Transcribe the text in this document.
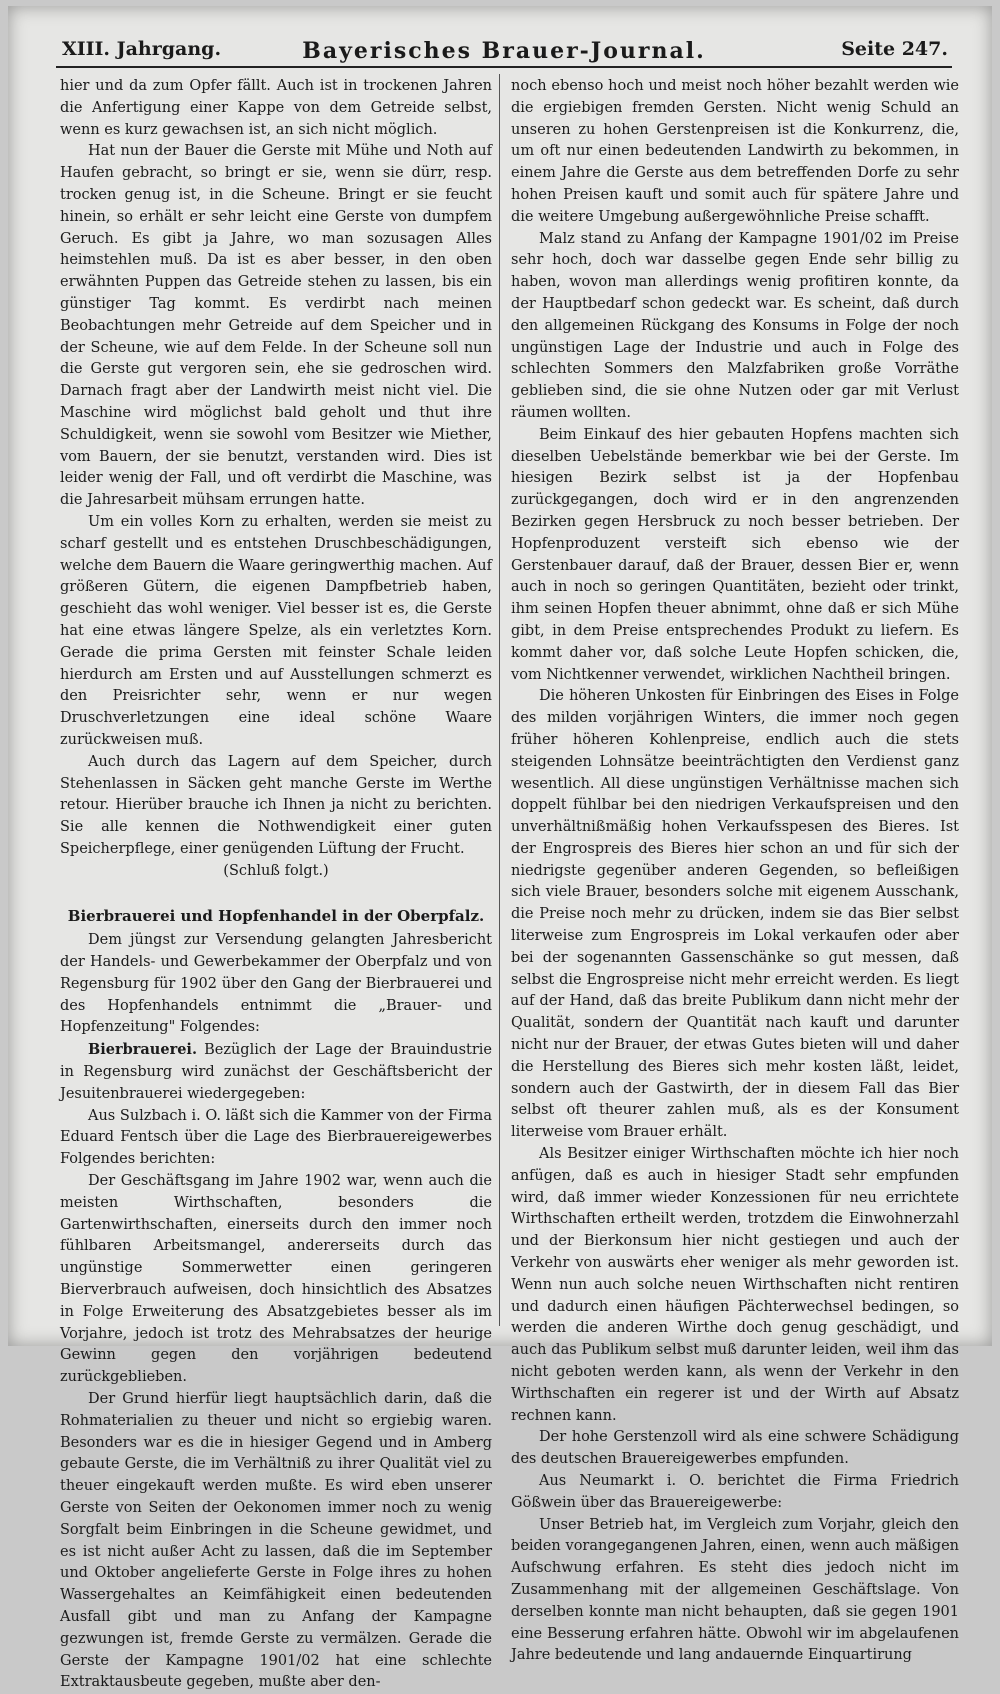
XIII. Jahrgang.	Bayerisches Brauer-Journal.	Seite 247.

hier und da zum Opfer fällt. Auch ist in trockenen Jahren die Anfertigung einer Kappe von dem Getreide selbst, wenn es kurz gewachsen ist, an sich nicht möglich.

Hat nun der Bauer die Gerste mit Mühe und Noth auf Haufen gebracht, so bringt er sie, wenn sie dürr, resp. trocken genug ist, in die Scheune. Bringt er sie feucht hinein, so erhält er sehr leicht eine Gerste von dumpfem Geruch. Es gibt ja Jahre, wo man sozusagen Alles heimstehlen muß. Da ist es aber besser, in den oben erwähnten Puppen das Getreide stehen zu lassen, bis ein günstiger Tag kommt. Es verdirbt nach meinen Beobachtungen mehr Getreide auf dem Speicher und in der Scheune, wie auf dem Felde. In der Scheune soll nun die Gerste gut vergoren sein, ehe sie gedroschen wird. Darnach fragt aber der Landwirth meist nicht viel. Die Maschine wird möglichst bald geholt und thut ihre Schuldigkeit, wenn sie sowohl vom Besitzer wie Miether, vom Bauern, der sie benutzt, verstanden wird. Dies ist leider wenig der Fall, und oft verdirbt die Maschine, was die Jahresarbeit mühsam errungen hatte.

Um ein volles Korn zu erhalten, werden sie meist zu scharf gestellt und es entstehen Druschbeschädigungen, welche dem Bauern die Waare geringwerthig machen. Auf größeren Gütern, die eigenen Dampfbetrieb haben, geschieht das wohl weniger. Viel besser ist es, die Gerste hat eine etwas längere Spelze, als ein verletztes Korn. Gerade die prima Gersten mit feinster Schale leiden hierdurch am Ersten und auf Ausstellungen schmerzt es den Preisrichter sehr, wenn er nur wegen Druschverletzungen eine ideal schöne Waare zurückweisen muß.

Auch durch das Lagern auf dem Speicher, durch Stehenlassen in Säcken geht manche Gerste im Werthe retour. Hierüber brauche ich Ihnen ja nicht zu berichten. Sie alle kennen die Nothwendigkeit einer guten Speicherpflege, einer genügenden Lüftung der Frucht.

(Schluß folgt.)

Bierbrauerei und Hopfenhandel in der Oberpfalz.

Dem jüngst zur Versendung gelangten Jahresbericht der Handels- und Gewerbekammer der Oberpfalz und von Regensburg für 1902 über den Gang der Bierbrauerei und des Hopfenhandels entnimmt die „Brauer- und Hopfenzeitung" Folgendes:

Bierbrauerei. Bezüglich der Lage der Brauindustrie in Regensburg wird zunächst der Geschäftsbericht der Jesuitenbrauerei wiedergegeben:

Aus Sulzbach i. O. läßt sich die Kammer von der Firma Eduard Fentsch über die Lage des Bierbrauereigewerbes Folgendes berichten:

Der Geschäftsgang im Jahre 1902 war, wenn auch die meisten Wirthschaften, besonders die Gartenwirthschaften, einerseits durch den immer noch fühlbaren Arbeitsmangel, andererseits durch das ungünstige Sommerwetter einen geringeren Bierverbrauch aufweisen, doch hinsichtlich des Absatzes in Folge Erweiterung des Absatzgebietes besser als im Vorjahre, jedoch ist trotz des Mehrabsatzes der heurige Gewinn gegen den vorjährigen bedeutend zurückgeblieben.

Der Grund hierfür liegt hauptsächlich darin, daß die Rohmaterialien zu theuer und nicht so ergiebig waren. Besonders war es die in hiesiger Gegend und in Amberg gebaute Gerste, die im Verhältniß zu ihrer Qualität viel zu theuer eingekauft werden mußte. Es wird eben unserer Gerste von Seiten der Oekonomen immer noch zu wenig Sorgfalt beim Einbringen in die Scheune gewidmet, und es ist nicht außer Acht zu lassen, daß die im September und Oktober angelieferte Gerste in Folge ihres zu hohen Wassergehaltes an Keimfähigkeit einen bedeutenden Ausfall gibt und man zu Anfang der Kampagne gezwungen ist, fremde Gerste zu vermälzen. Gerade die Gerste der Kampagne 1901/02 hat eine schlechte Extraktausbeute gegeben, mußte aber den-

noch ebenso hoch und meist noch höher bezahlt werden wie die ergiebigen fremden Gersten. Nicht wenig Schuld an unseren zu hohen Gerstenpreisen ist die Konkurrenz, die, um oft nur einen bedeutenden Landwirth zu bekommen, in einem Jahre die Gerste aus dem betreffenden Dorfe zu sehr hohen Preisen kauft und somit auch für spätere Jahre und die weitere Umgebung außergewöhnliche Preise schafft.

Malz stand zu Anfang der Kampagne 1901/02 im Preise sehr hoch, doch war dasselbe gegen Ende sehr billig zu haben, wovon man allerdings wenig profitiren konnte, da der Hauptbedarf schon gedeckt war. Es scheint, daß durch den allgemeinen Rückgang des Konsums in Folge der noch ungünstigen Lage der Industrie und auch in Folge des schlechten Sommers den Malzfabriken große Vorräthe geblieben sind, die sie ohne Nutzen oder gar mit Verlust räumen wollten.

Beim Einkauf des hier gebauten Hopfens machten sich dieselben Uebelstände bemerkbar wie bei der Gerste. Im hiesigen Bezirk selbst ist ja der Hopfenbau zurückgegangen, doch wird er in den angrenzenden Bezirken gegen Hersbruck zu noch besser betrieben. Der Hopfenproduzent versteift sich ebenso wie der Gerstenbauer darauf, daß der Brauer, dessen Bier er, wenn auch in noch so geringen Quantitäten, bezieht oder trinkt, ihm seinen Hopfen theuer abnimmt, ohne daß er sich Mühe gibt, in dem Preise entsprechendes Produkt zu liefern. Es kommt daher vor, daß solche Leute Hopfen schicken, die, vom Nichtkenner verwendet, wirklichen Nachtheil bringen.

Die höheren Unkosten für Einbringen des Eises in Folge des milden vorjährigen Winters, die immer noch gegen früher höheren Kohlenpreise, endlich auch die stets steigenden Lohnsätze beeinträchtigten den Verdienst ganz wesentlich. All diese ungünstigen Verhältnisse machen sich doppelt fühlbar bei den niedrigen Verkaufspreisen und den unverhältnißmäßig hohen Verkaufsspesen des Bieres. Ist der Engrospreis des Bieres hier schon an und für sich der niedrigste gegenüber anderen Gegenden, so befleißigen sich viele Brauer, besonders solche mit eigenem Ausschank, die Preise noch mehr zu drücken, indem sie das Bier selbst literweise zum Engrospreis im Lokal verkaufen oder aber bei der sogenannten Gassenschänke so gut messen, daß selbst die Engrospreise nicht mehr erreicht werden. Es liegt auf der Hand, daß das breite Publikum dann nicht mehr der Qualität, sondern der Quantität nach kauft und darunter nicht nur der Brauer, der etwas Gutes bieten will und daher die Herstellung des Bieres sich mehr kosten läßt, leidet, sondern auch der Gastwirth, der in diesem Fall das Bier selbst oft theurer zahlen muß, als es der Konsument literweise vom Brauer erhält.

Als Besitzer einiger Wirthschaften möchte ich hier noch anfügen, daß es auch in hiesiger Stadt sehr empfunden wird, daß immer wieder Konzessionen für neu errichtete Wirthschaften ertheilt werden, trotzdem die Einwohnerzahl und der Bierkonsum hier nicht gestiegen und auch der Verkehr von auswärts eher weniger als mehr geworden ist. Wenn nun auch solche neuen Wirthschaften nicht rentiren und dadurch einen häufigen Pächterwechsel bedingen, so werden die anderen Wirthe doch genug geschädigt, und auch das Publikum selbst muß darunter leiden, weil ihm das nicht geboten werden kann, als wenn der Verkehr in den Wirthschaften ein regerer ist und der Wirth auf Absatz rechnen kann.

Der hohe Gerstenzoll wird als eine schwere Schädigung des deutschen Brauereigewerbes empfunden.

Aus Neumarkt i. O. berichtet die Firma Friedrich Gößwein über das Brauereigewerbe:

Unser Betrieb hat, im Vergleich zum Vorjahr, gleich den beiden vorangegangenen Jahren, einen, wenn auch mäßigen Aufschwung erfahren. Es steht dies jedoch nicht im Zusammenhang mit der allgemeinen Geschäftslage. Von derselben konnte man nicht behaupten, daß sie gegen 1901 eine Besserung erfahren hätte. Obwohl wir im abgelaufenen Jahre bedeutende und lang andauernde Einquartirung
